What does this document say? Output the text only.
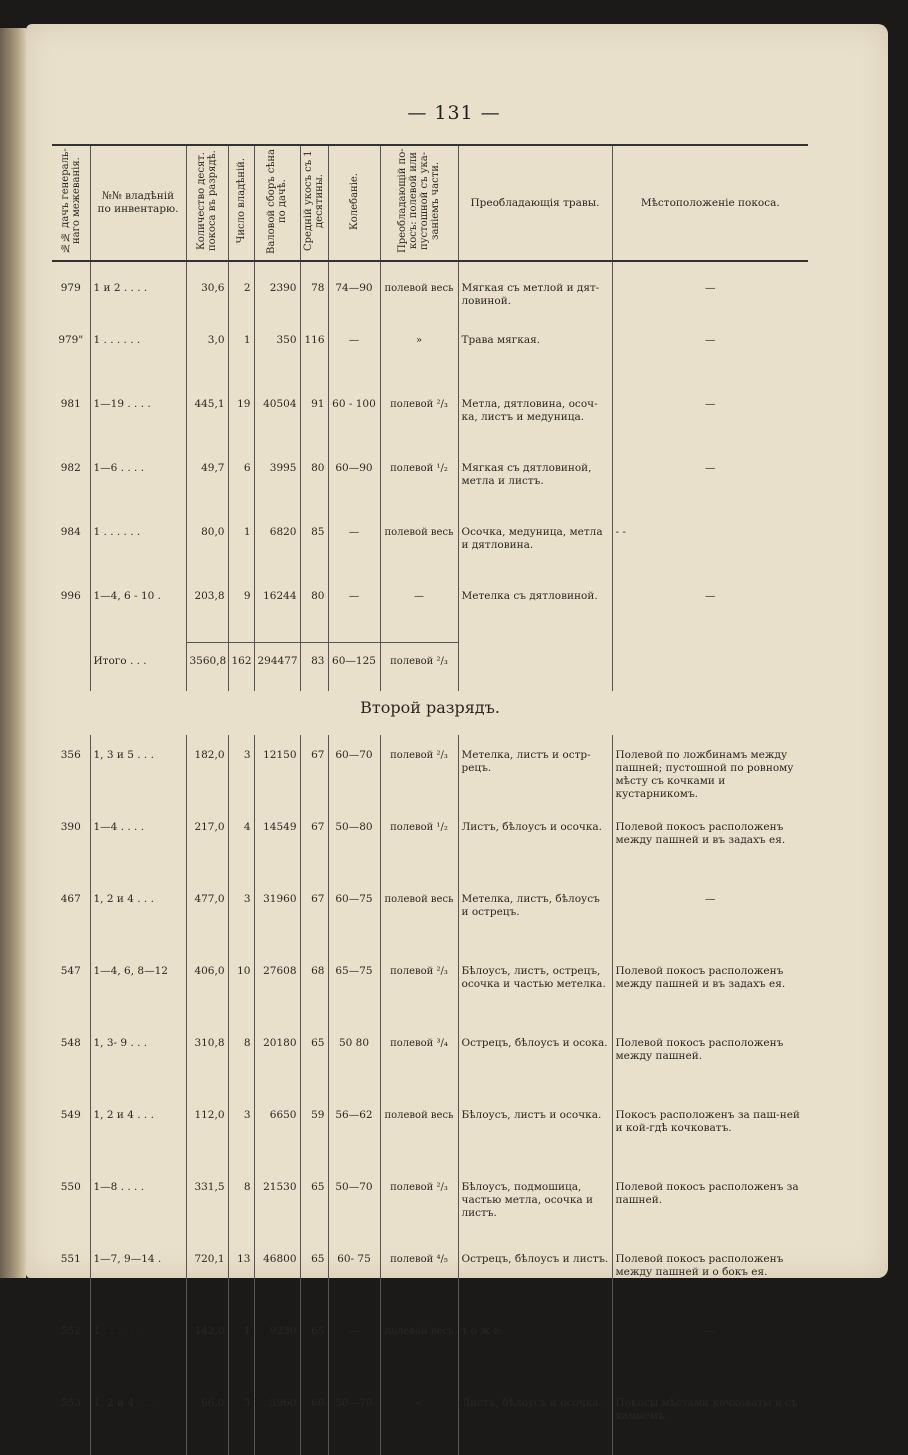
— 131 —
№№ дачъ генераль-наго межеванія.	№№ владѣній по инвентарю.	Количество десят. покоса въ разрядѣ.	Число владѣній.	Валовой сборъ сѣна по дачѣ.	Средній укосъ съ 1 десятины.	Колебаніе.	Преобладающій по-косъ: полевой или пустошной съ ука-заніемъ части.	Преобладающія травы.	Мѣстоположеніе покоса.

979	1 и 2 . . . .	30,6	2	2390	78	74—90	полевой весь	Мягкая съ метлой и дят-ловиной.	—
979"	1 . . . . . .	3,0	1	350	116	—	»	Трава мягкая.	—
981	1—19 . . . .	445,1	19	40504	91	60 - 100	полевой ²/₃	Метла, дятловина, осоч-ка, листъ и медуница.	—
982	1—6 . . . .	49,7	6	3995	80	60—90	полевой ¹/₂	Мягкая съ дятловиной, метла и листъ.	—
984	1 . . . . . .	80,0	1	6820	85	—	полевой весь	Осочка, медуница, метла и дятловина.	- -
996	1—4, 6 - 10 .	203,8	9	16244	80	—	—	Метелка съ дятловиной.	—
	Итого . . .	3560,8	162	294477	83	60—125	полевой ²/₃		
Второй разрядъ.									
356	1, 3 и 5 . . .	182,0	3	12150	67	60—70	полевой ²/₃	Метелка, листъ и остр-рецъ.	Полевой по ложбинамъ между пашней; пустошной по ровному мѣсту съ кочками и кустарникомъ.
390	1—4 . . . .	217,0	4	14549	67	50—80	полевой ¹/₂	Листъ, бѣлоусъ и осочка.	Полевой покосъ расположенъ между пашней и въ задахъ ея.
467	1, 2 и 4 . . .	477,0	3	31960	67	60—75	полевой весь	Метелка, листъ, бѣлоусъ и острецъ.	—
547	1—4, 6, 8—12	406,0	10	27608	68	65—75	полевой ²/₃	Бѣлоусъ, листъ, острецъ, осочка и частью метелка.	Полевой покосъ расположенъ между пашней и въ задахъ ея.
548	1, 3- 9 . . .	310,8	8	20180	65	50 80	полевой ³/₄	Острецъ, бѣлоусъ и осока.	Полевой покосъ расположенъ между пашней.
549	1, 2 и 4 . . .	112,0	3	6650	59	56—62	полевой весь	Бѣлоусъ, листъ и осочка.	Покосъ расположенъ за паш-ней и кой-гдѣ кочковатъ.
550	1—8 . . . .	331,5	8	21530	65	50—70	полевой ²/₃	Бѣлоусъ, подмошица, частью метла, осочка и листъ.	Полевой покосъ расположенъ за пашней.
551	1—7, 9—14 .	720,1	13	46800	65	60- 75	полевой ⁴/₅	Острецъ, бѣлоусъ и листъ.	Полевой покосъ расположенъ между пашней и о бокъ ея.
552	1 . . . . . .	142,0	1	9230	65	—	полевой весь	т о ж е.	—
553	1, 2 и 4 . . .	66,0	3	3960	60	50—70	«	Листъ, бѣлоусъ и осочка.	Покосы мѣстами кочковаты и съ камнемъ.
